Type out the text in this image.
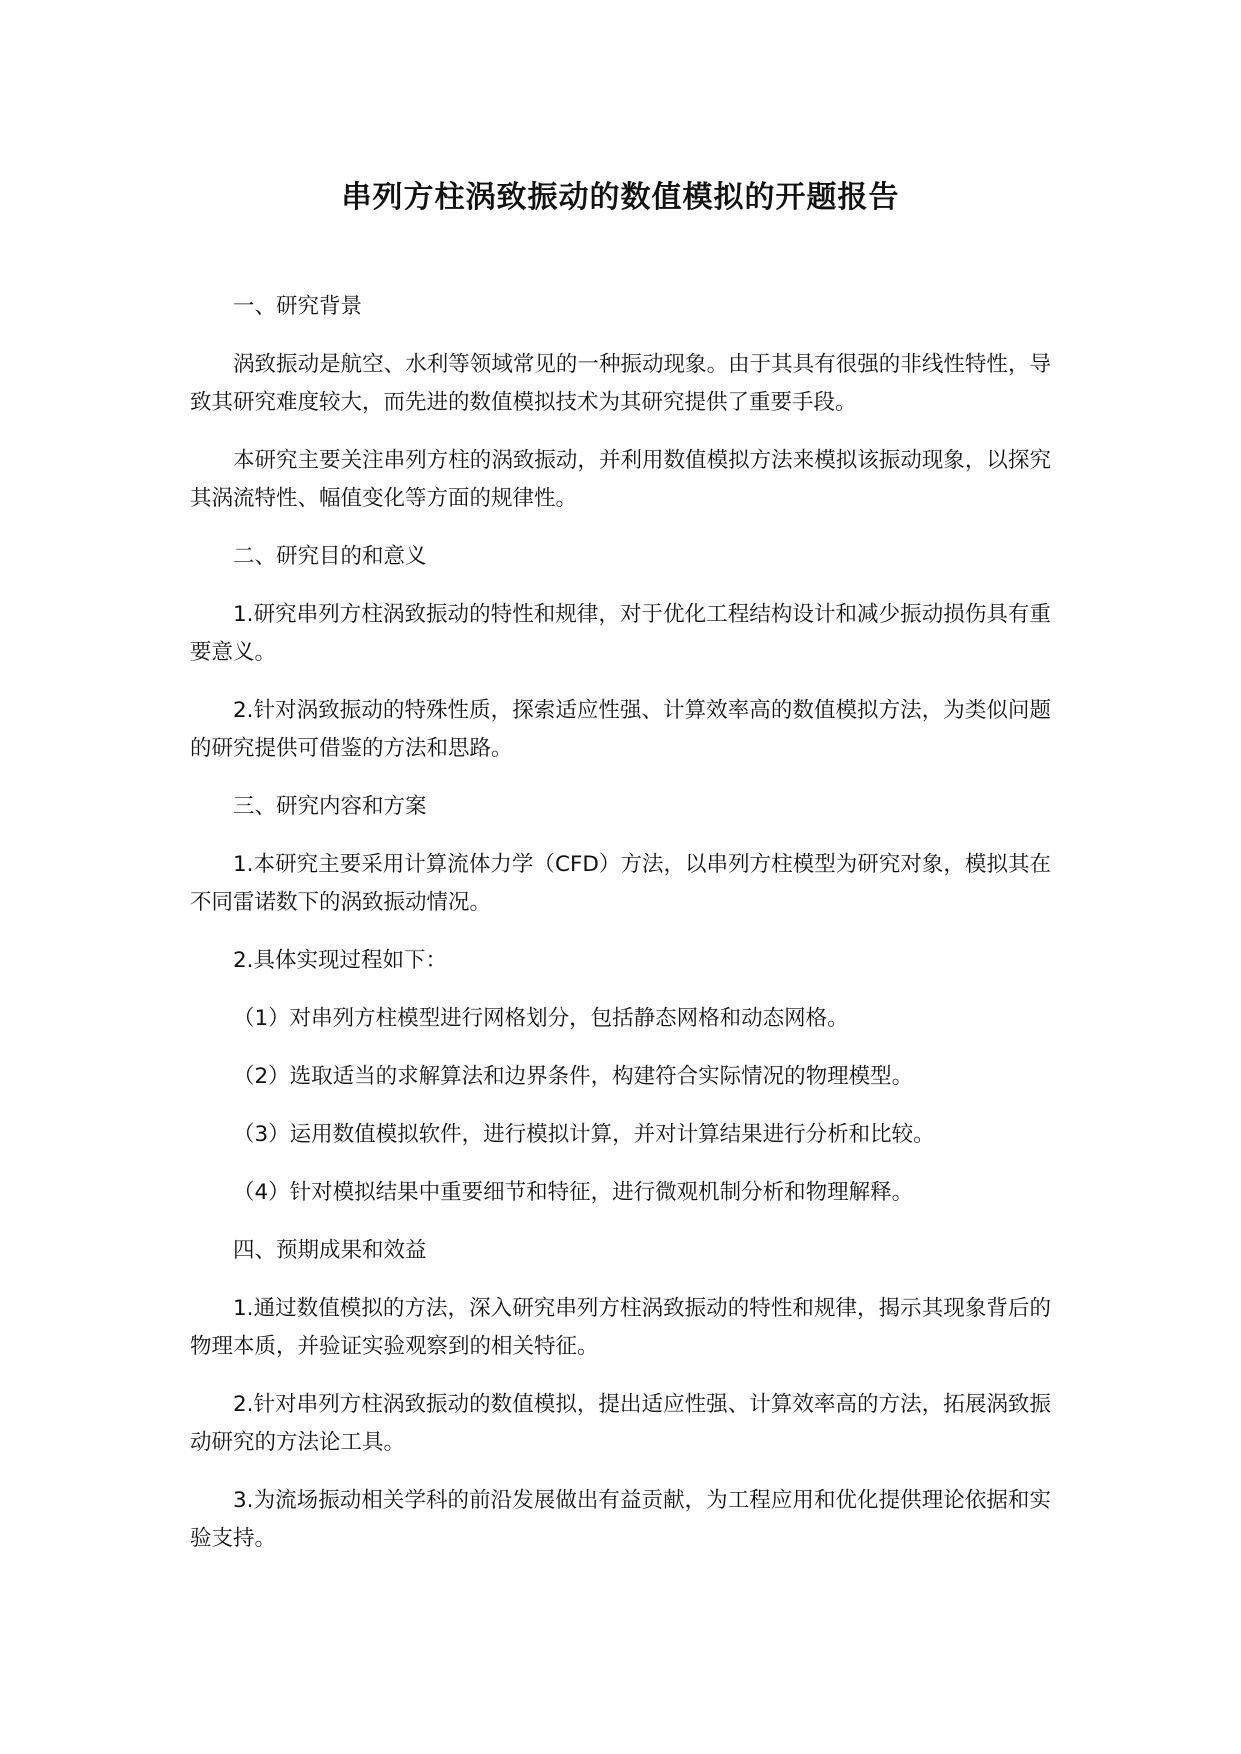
串列方柱涡致振动的数值模拟的开题报告

一、研究背景

涡致振动是航空、水利等领域常见的一种振动现象。由于其具有很强的非线性特性，导致其研究难度较大，而先进的数值模拟技术为其研究提供了重要手段。

本研究主要关注串列方柱的涡致振动，并利用数值模拟方法来模拟该振动现象，以探究其涡流特性、幅值变化等方面的规律性。

二、研究目的和意义

1.研究串列方柱涡致振动的特性和规律，对于优化工程结构设计和减少振动损伤具有重要意义。

2.针对涡致振动的特殊性质，探索适应性强、计算效率高的数值模拟方法，为类似问题的研究提供可借鉴的方法和思路。

三、研究内容和方案

1.本研究主要采用计算流体力学（CFD）方法，以串列方柱模型为研究对象，模拟其在不同雷诺数下的涡致振动情况。

2.具体实现过程如下：

（1）对串列方柱模型进行网格划分，包括静态网格和动态网格。

（2）选取适当的求解算法和边界条件，构建符合实际情况的物理模型。

（3）运用数值模拟软件，进行模拟计算，并对计算结果进行分析和比较。

（4）针对模拟结果中重要细节和特征，进行微观机制分析和物理解释。

四、预期成果和效益

1.通过数值模拟的方法，深入研究串列方柱涡致振动的特性和规律，揭示其现象背后的物理本质，并验证实验观察到的相关特征。

2.针对串列方柱涡致振动的数值模拟，提出适应性强、计算效率高的方法，拓展涡致振动研究的方法论工具。

3.为流场振动相关学科的前沿发展做出有益贡献，为工程应用和优化提供理论依据和实验支持。
